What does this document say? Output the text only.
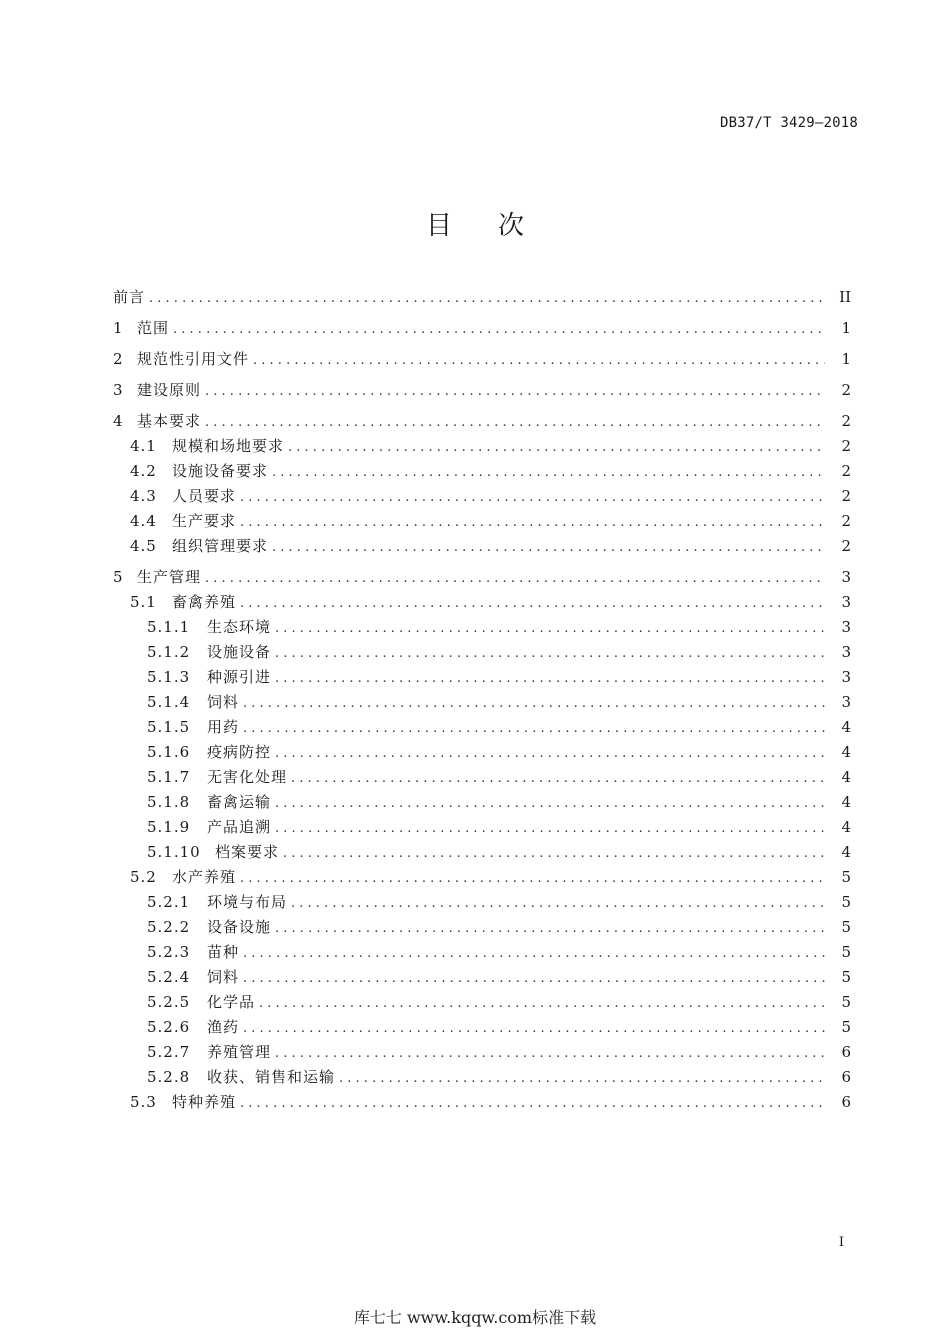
DB37/T 3429—2018
目次
前言 . . .	II
1 范围 . . .	1
2 规范性引用文件 . . .	1
3 建设原则 . . .	2
4 基本要求 . . .	2
4.1	规模和场地要求 . . .	2
4.2	设施设备要求 . . .	2
4.3	人员要求 . . .	2
4.4	生产要求 . . .	2
4.5	组织管理要求 . . .	2
5 生产管理 . . .	3
5.1	畜禽养殖 . . .	3
5.1.1	生态环境 . . .	3
5.1.2	设施设备 . . .	3
5.1.3	种源引进 . . .	3
5.1.4	饲料 . . .	3
5.1.5	用药 . . .	4
5.1.6	疫病防控 . . .	4
5.1.7	无害化处理 . . .	4
5.1.8	畜禽运输 . . .	4
5.1.9	产品追溯 . . .	4
5.1.10 档案要求 . . .	4
5.2	水产养殖 . . .	5
5.2.1	环境与布局 . . .	5
5.2.2	设备设施 . . .	5
5.2.3	苗种 . . .	5
5.2.4	饲料 . . .	5
5.2.5	化学品 . . .	5
5.2.6	渔药 . . .	5
5.2.7	养殖管理 . . .	6
5.2.8	收获、销售和运输 . . .	6
5.3	特种养殖 . . .	6
I
库七七 www.kqqw.com标准下载
